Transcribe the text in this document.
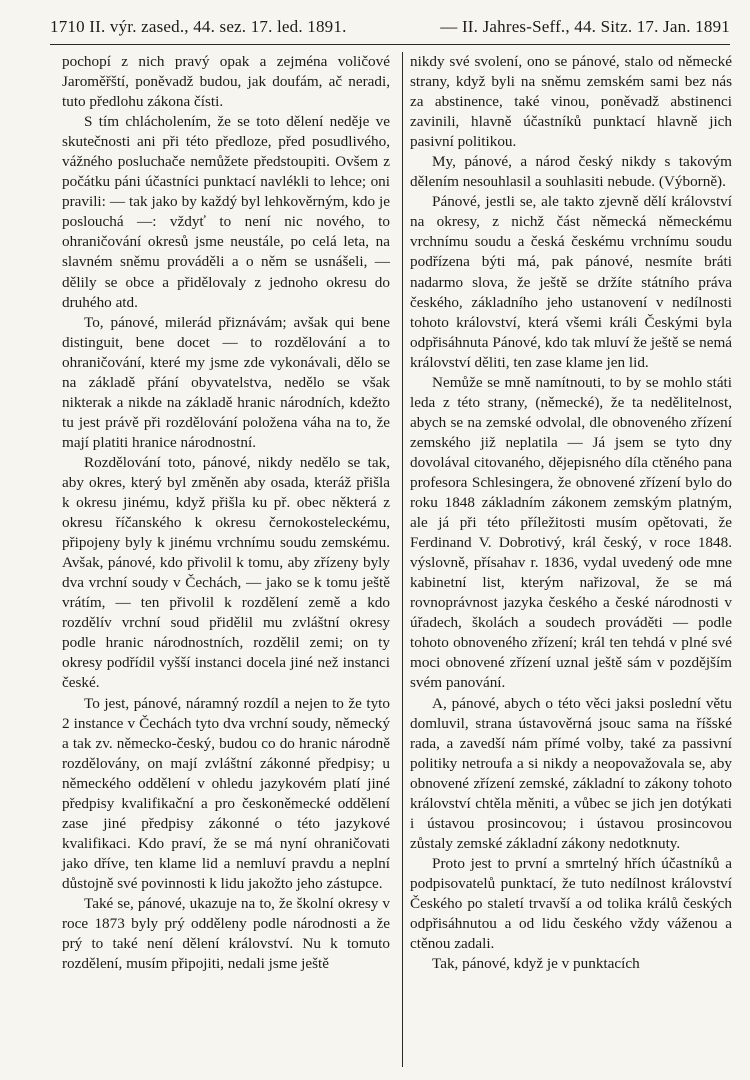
1710 II. výr. zased., 44. sez. 17. led. 1891.	— II. Jahres-Seff., 44. Sitz. 17. Jan. 1891

pochopí z nich pravý opak a zejména voličové Jaroměřští, poněvadž budou, jak doufám, ač neradi, tuto předlohu zákona čísti.

S tím chlácholením, že se toto dělení neděje ve skutečnosti ani při této předloze, před posudlivého, vážného posluchače nemůžete předstoupiti. Ovšem z počátku páni účastníci punktací navlékli to lehce; oni pravili: — tak jako by každý byl lehkověrným, kdo je poslouchá —: vždyť to není nic nového, to ohraničování okresů jsme neustále, po celá leta, na slavném sněmu prováděli a o něm se usnášeli, — dělily se obce a přidělovaly z jednoho okresu do druhého atd.

To, pánové, milerád přiznávám; avšak qui bene distinguit, bene docet — to rozdělování a to ohraničování, které my jsme zde vykonávali, dělo se na základě přání obyvatelstva, nedělo se však nikterak a nikde na základě hranic národních, kdežto tu jest právě při rozdělování položena váha na to, že mají platiti hranice národnostní.

Rozdělování toto, pánové, nikdy nedělo se tak, aby okres, který byl změněn aby osada, kteráž přišla k okresu jinému, když přišla ku př. obec některá z okresu říčanského k okresu černokosteleckému, připojeny byly k jinému vrchnímu soudu zemskému. Avšak, pánové, kdo přivolil k tomu, aby zřízeny byly dva vrchní soudy v Čechách, — jako se k tomu ještě vrátím, — ten přivolil k rozdělení země a kdo rozdělív vrchní soud přidělil mu zvláštní okresy podle hranic národnostních, rozdělil zemi; on ty okresy podřídil vyšší instanci docela jiné než instanci české.

To jest, pánové, náramný rozdíl a nejen to že tyto 2 instance v Čechách tyto dva vrchní soudy, německý a tak zv. německo-český, budou co do hranic národně rozdělovány, on mají zvláštní zákonné předpisy; u německého oddělení v ohledu jazykovém platí jiné předpisy kvalifikační a pro českoněmecké oddělení zase jiné předpisy zákonné o této jazykové kvalifikaci. Kdo praví, že se má nyní ohraničovati jako dříve, ten klame lid a nemluví pravdu a neplní důstojně své povinnosti k lidu jakožto jeho zástupce.

Také se, pánové, ukazuje na to, že školní okresy v roce 1873 byly prý odděleny podle národnosti a že prý to také není dělení království. Nu k tomuto rozdělení, musím připojiti, nedali jsme ještě

nikdy své svolení, ono se pánové, stalo od německé strany, když byli na sněmu zemském sami bez nás za abstinence, také vinou, poněvadž abstinenci zavinili, hlavně účastníků punktací hlavně jich pasivní politikou.

My, pánové, a národ český nikdy s takovým dělením nesouhlasil a souhlasiti nebude. (Výborně).

Pánové, jestli se, ale takto zjevně dělí království na okresy, z nichž část německá německému vrchnímu soudu a česká českému vrchnímu soudu podřízena býti má, pak pánové, nesmíte bráti nadarmo slova, že ještě se držíte státního práva českého, základního jeho ustanovení v nedílnosti tohoto království, která všemi králi Českými byla odpřisáhnuta Pánové, kdo tak mluví že ještě se nemá království děliti, ten zase klame jen lid.

Nemůže se mně namítnouti, to by se mohlo státi leda z této strany, (německé), že ta nedělitelnost, abych se na zemské odvolal, dle obnoveného zřízení zemského již neplatila — Já jsem se tyto dny dovolával citovaného, dějepisného díla ctěného pana profesora Schlesingera, že obnovené zřízení bylo do roku 1848 základním zákonem zemským platným, ale já při této příležitosti musím opětovati, že Ferdinand V. Dobrotivý, král český, v roce 1848. výslovně, přísahav r. 1836, vydal uvedený ode mne kabinetní list, kterým nařizoval, že se má rovnoprávnost jazyka českého a české národnosti v úřadech, školách a soudech prováděti — podle tohoto obnoveného zřízení; král ten tehdá v plné své moci obnovené zřízení uznal ještě sám v pozdějším svém panování.

A, pánové, abych o této věci jaksi poslední větu domluvil, strana ústavověrná jsouc sama na říšské rada, a zavedší nám přímé volby, také za passivní politiky netroufa a si nikdy a neopovažovala se, aby obnovené zřízení zemské, základní to zákony tohoto království chtěla měniti, a vůbec se jich jen dotýkati i ústavou prosincovou; i ústavou prosincovou zůstaly zemské základní zákony nedotknuty.

Proto jest to první a smrtelný hřích účastníků a podpisovatelů punktací, že tuto nedílnost království Českého po staletí trvavší a od tolika králů českých odpřisáhnutou a od lidu českého vždy váženou a ctěnou zadali.

Tak, pánové, když je v punktacích
